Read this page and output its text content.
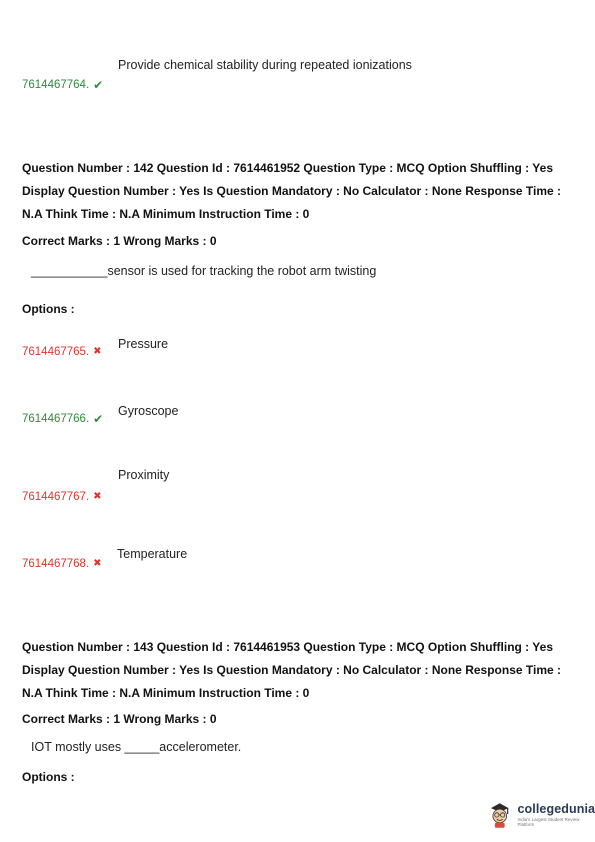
Provide chemical stability during repeated ionizations
7614467764. ✔
Question Number : 142 Question Id : 7614461952 Question Type : MCQ Option Shuffling : Yes Display Question Number : Yes Is Question Mandatory : No Calculator : None Response Time : N.A Think Time : N.A Minimum Instruction Time : 0
Correct Marks : 1 Wrong Marks : 0
___________sensor is used for tracking the robot arm twisting
Options :
Pressure
7614467765. ✖
Gyroscope
7614467766. ✔
Proximity
7614467767. ✖
Temperature
7614467768. ✖
Question Number : 143 Question Id : 7614461953 Question Type : MCQ Option Shuffling : Yes Display Question Number : Yes Is Question Mandatory : No Calculator : None Response Time : N.A Think Time : N.A Minimum Instruction Time : 0
Correct Marks : 1 Wrong Marks : 0
IOT mostly uses _____accelerometer.
Options :
collegedunia
India's Largest Student Review Platform
